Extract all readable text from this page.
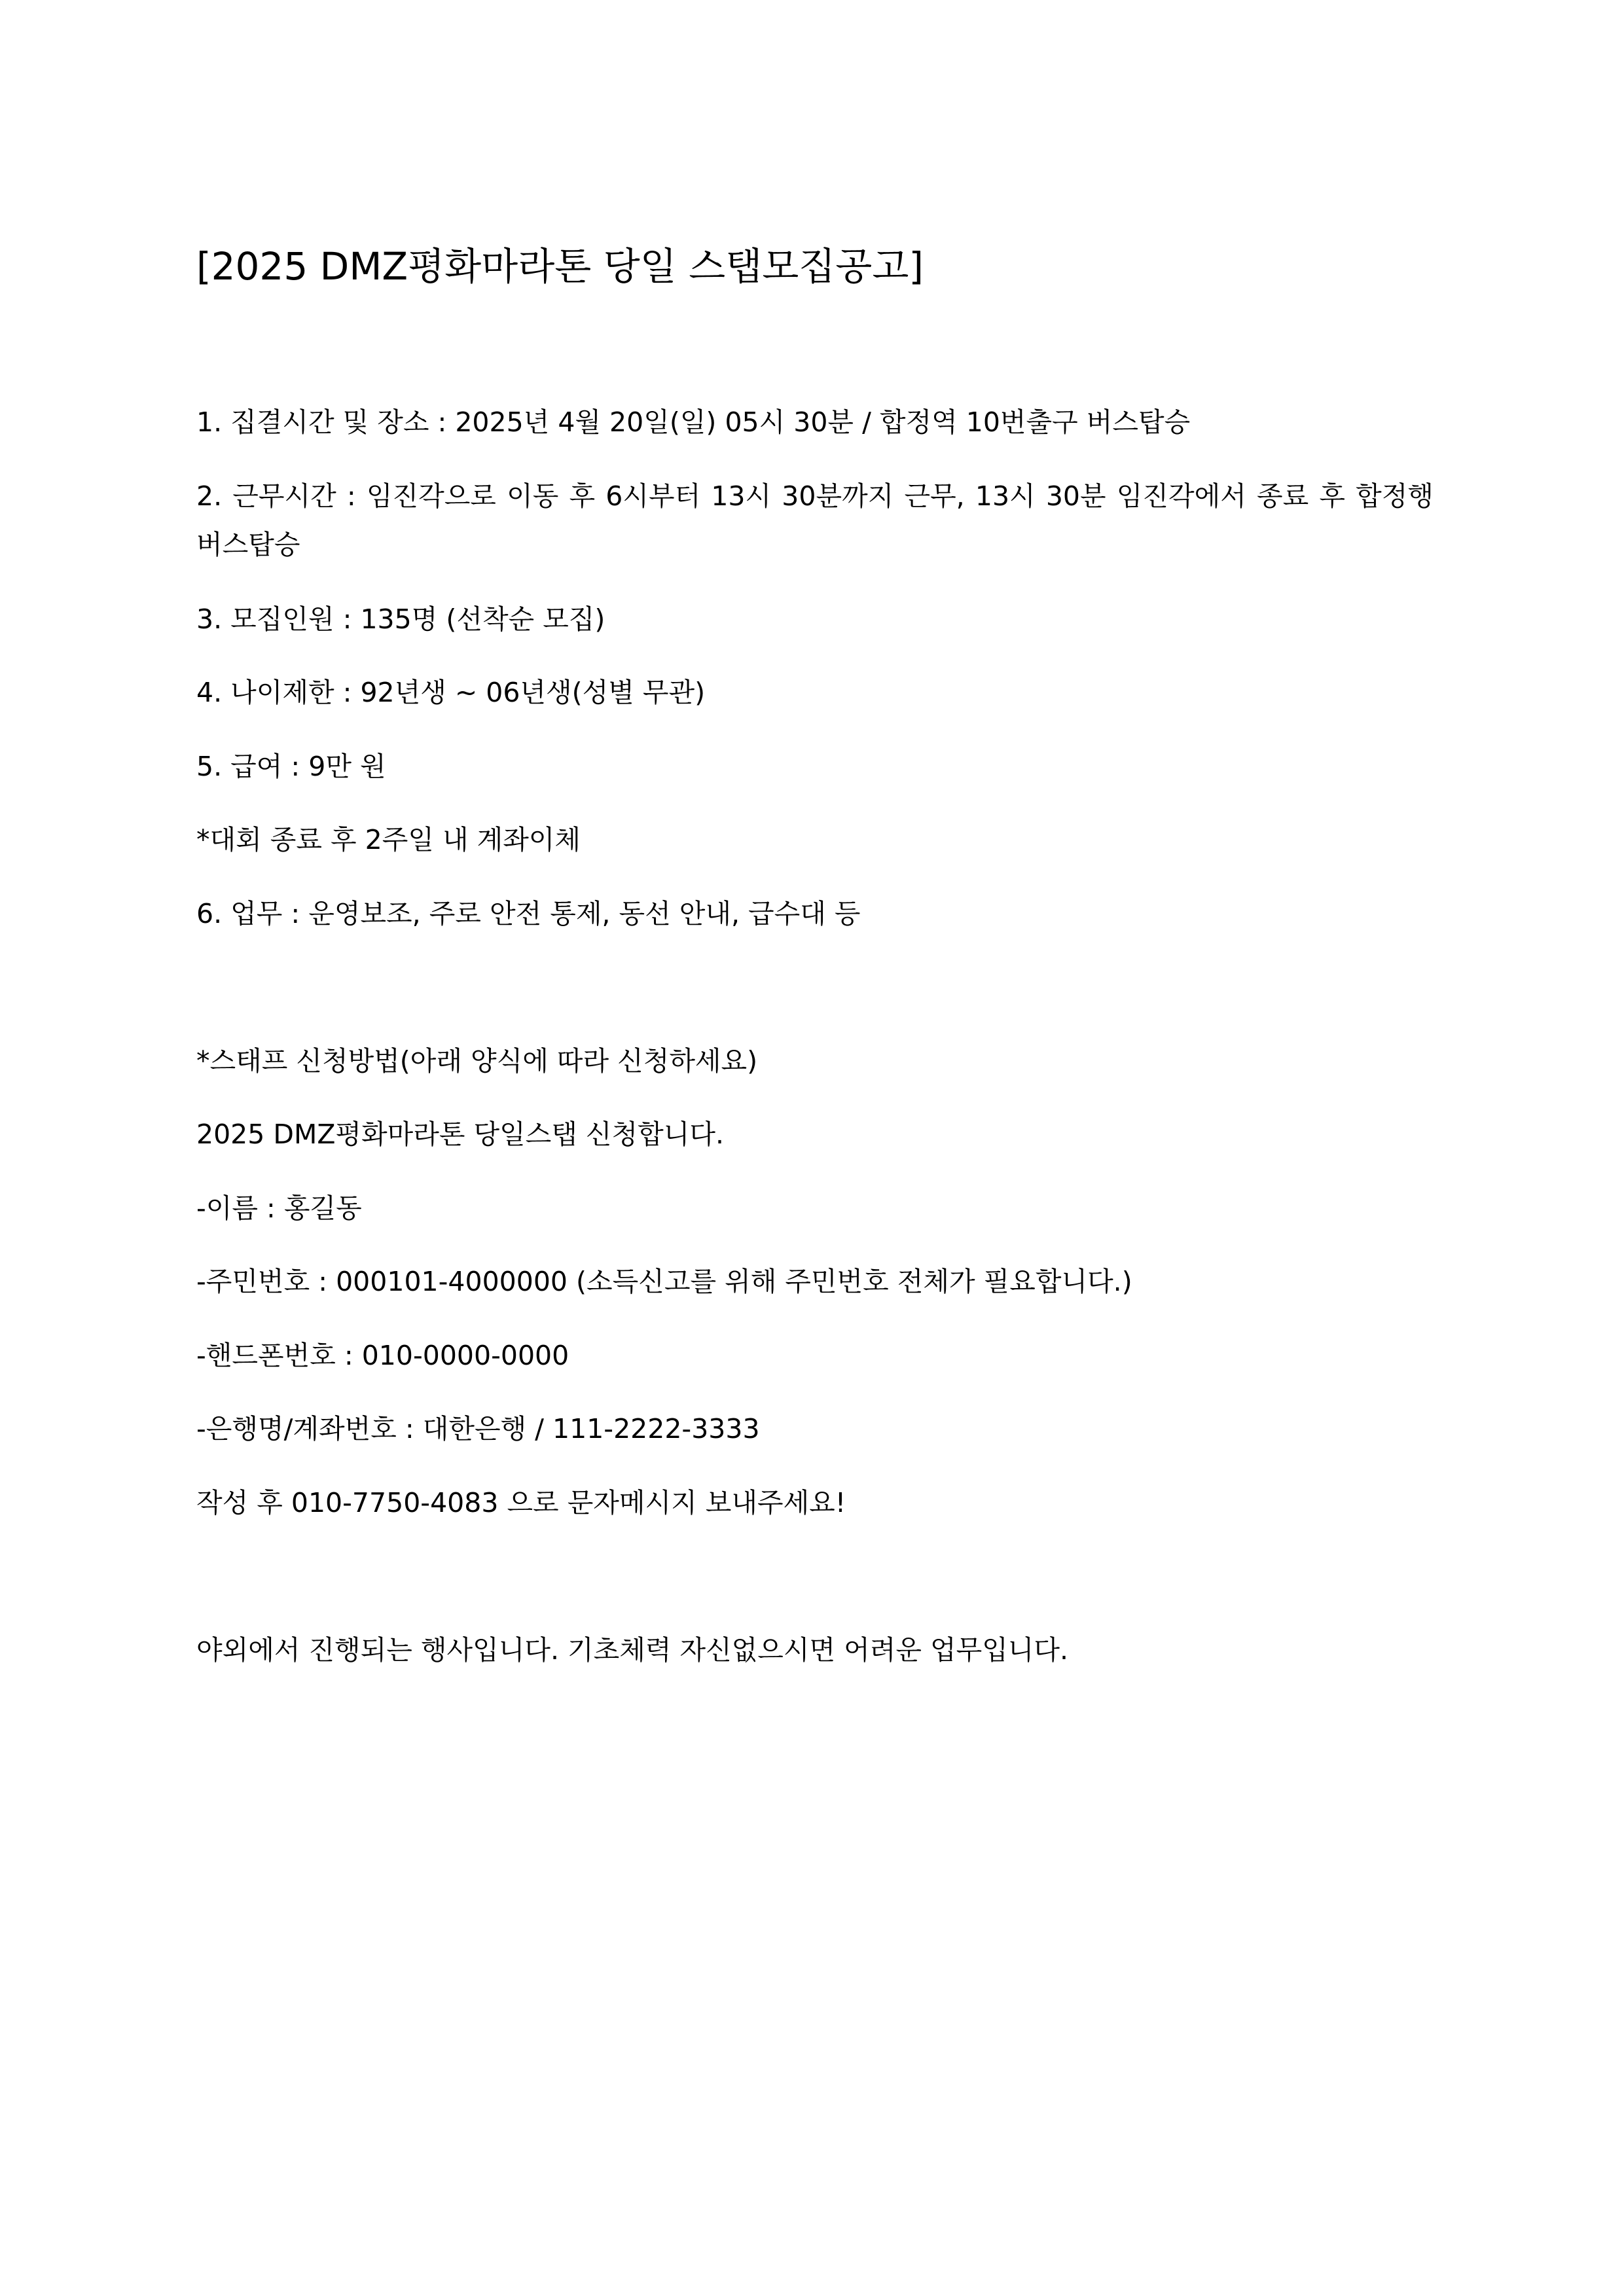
[2025 DMZ평화마라톤 당일 스탭모집공고]

1. 집결시간 및 장소 : 2025년 4월 20일(일) 05시 30분 / 합정역 10번출구 버스탑승

2. 근무시간 : 임진각으로 이동 후 6시부터 13시 30분까지 근무, 13시 30분 임진각에서 종료 후 합정행 버스탑승

3. 모집인원 : 135명 (선착순 모집)

4. 나이제한 : 92년생 ~ 06년생(성별 무관)

5. 급여 : 9만 원

*대회 종료 후 2주일 내 계좌이체

6. 업무 : 운영보조, 주로 안전 통제, 동선 안내, 급수대 등

*스태프 신청방법(아래 양식에 따라 신청하세요)

2025 DMZ평화마라톤 당일스탭 신청합니다.

-이름 : 홍길동

-주민번호 : 000101-4000000 (소득신고를 위해 주민번호 전체가 필요합니다.)

-핸드폰번호 : 010-0000-0000

-은행명/계좌번호 : 대한은행 / 111-2222-3333

작성 후 010-7750-4083 으로 문자메시지 보내주세요!

야외에서 진행되는 행사입니다. 기초체력 자신없으시면 어려운 업무입니다.
